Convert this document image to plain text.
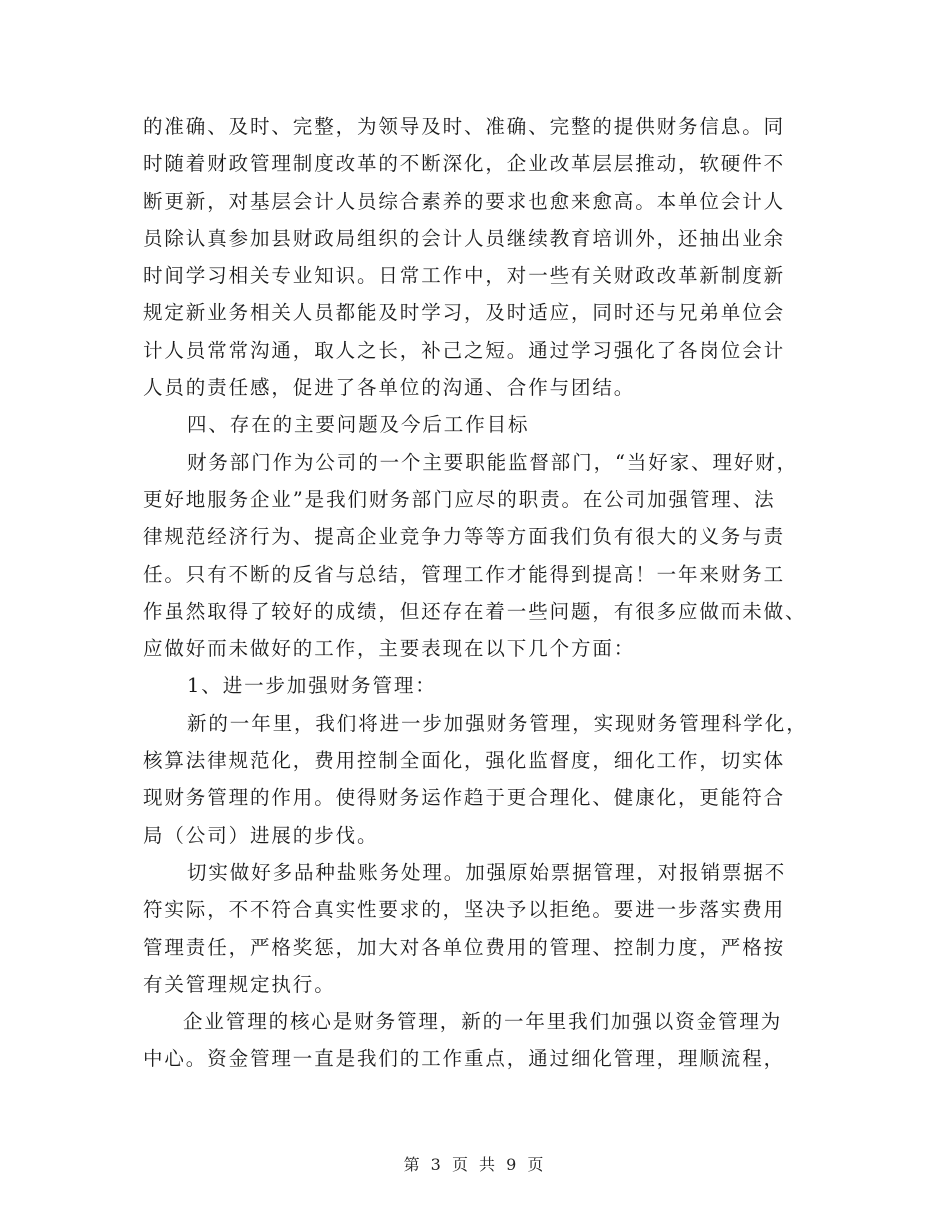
的准确、及时、完整，为领导及时、准确、完整的提供财务信息。同
时随着财政管理制度改革的不断深化，企业改革层层推动，软硬件不
断更新，对基层会计人员综合素养的要求也愈来愈高。本单位会计人
员除认真参加县财政局组织的会计人员继续教育培训外，还抽出业余
时间学习相关专业知识。日常工作中，对一些有关财政改革新制度新
规定新业务相关人员都能及时学习，及时适应，同时还与兄弟单位会
计人员常常沟通，取人之长，补己之短。通过学习强化了各岗位会计
人员的责任感，促进了各单位的沟通、合作与团结。
四、存在的主要问题及今后工作目标
财务部门作为公司的一个主要职能监督部门，“当好家、理好财，
更好地服务企业”是我们财务部门应尽的职责。在公司加强管理、法
律规范经济行为、提高企业竞争力等等方面我们负有很大的义务与责
任。只有不断的反省与总结，管理工作才能得到提高！一年来财务工
作虽然取得了较好的成绩，但还存在着一些问题，有很多应做而未做、
应做好而未做好的工作，主要表现在以下几个方面：
1、进一步加强财务管理：
新的一年里，我们将进一步加强财务管理，实现财务管理科学化，
核算法律规范化，费用控制全面化，强化监督度，细化工作，切实体
现财务管理的作用。使得财务运作趋于更合理化、健康化，更能符合
局（公司）进展的步伐。
切实做好多品种盐账务处理。加强原始票据管理，对报销票据不
符实际，不不符合真实性要求的，坚决予以拒绝。要进一步落实费用
管理责任，严格奖惩，加大对各单位费用的管理、控制力度，严格按
有关管理规定执行。
企业管理的核心是财务管理，新的一年里我们加强以资金管理为
中心。资金管理一直是我们的工作重点，通过细化管理，理顺流程，
第 3 页 共 9 页
